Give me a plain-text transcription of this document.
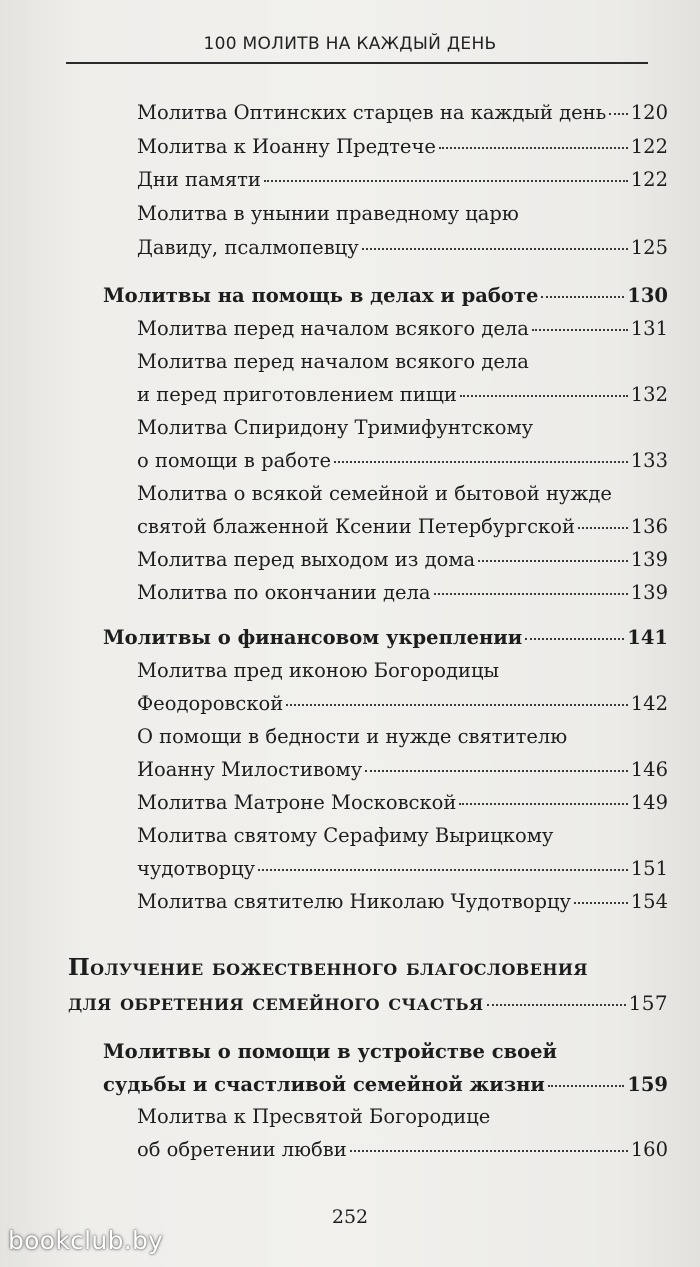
100 МОЛИТВ НА КАЖДЫЙ ДЕНЬ
Молитва Оптинских старцев на каждый день 120
Молитва к Иоанну Предтече	122
Дни памяти	122
Молитва в унынии праведному царю
Давиду, псалмопевцу	125
Молитвы на помощь в делах и работе	130
Молитва перед началом всякого дела	131
Молитва перед началом всякого дела
и перед приготовлением пищи	132
Молитва Спиридону Тримифунтскому
о помощи в работе	133
Молитва о всякой семейной и бытовой нужде
святой блаженной Ксении Петербургской	136
Молитва перед выходом из дома	139
Молитва по окончании дела	139
Молитвы о финансовом укреплении	141
Молитва пред иконою Богородицы
Феодоровской	142
О помощи в бедности и нужде святителю
Иоанну Милостивому	146
Молитва Матроне Московской	149
Молитва святому Серафиму Вырицкому
чудотворцу	151
Молитва святителю Николаю Чудотворцу	154
Получение божественного благословения
для обретения семейного счастья	157
Молитвы о помощи в устройстве своей
судьбы и счастливой семейной жизни	159
Молитва к Пресвятой Богородице
об обретении любви	160
252
bookclub.by
